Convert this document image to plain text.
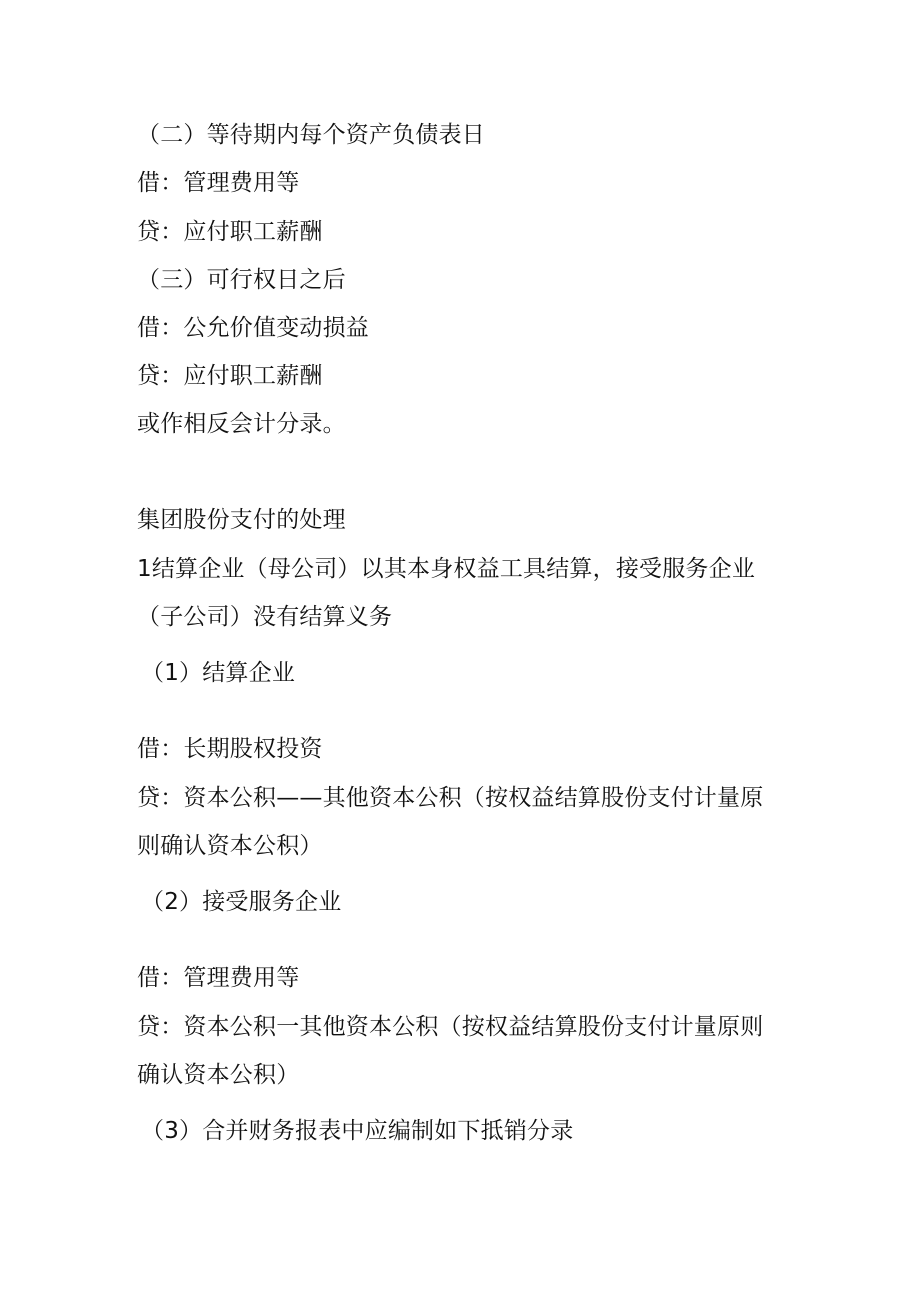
（二）等待期内每个资产负债表日
借：管理费用等
贷：应付职工薪酬
（三）可行权日之后
借：公允价值变动损益
贷：应付职工薪酬
或作相反会计分录。
集团股份支付的处理
1结算企业（母公司）以其本身权益工具结算，接受服务企业
（子公司）没有结算义务
（1）结算企业
借：长期股权投资
贷：资本公积——其他资本公积（按权益结算股份支付计量原
则确认资本公积）
（2）接受服务企业
借：管理费用等
贷：资本公积一其他资本公积（按权益结算股份支付计量原则
确认资本公积）
（3）合并财务报表中应编制如下抵销分录
